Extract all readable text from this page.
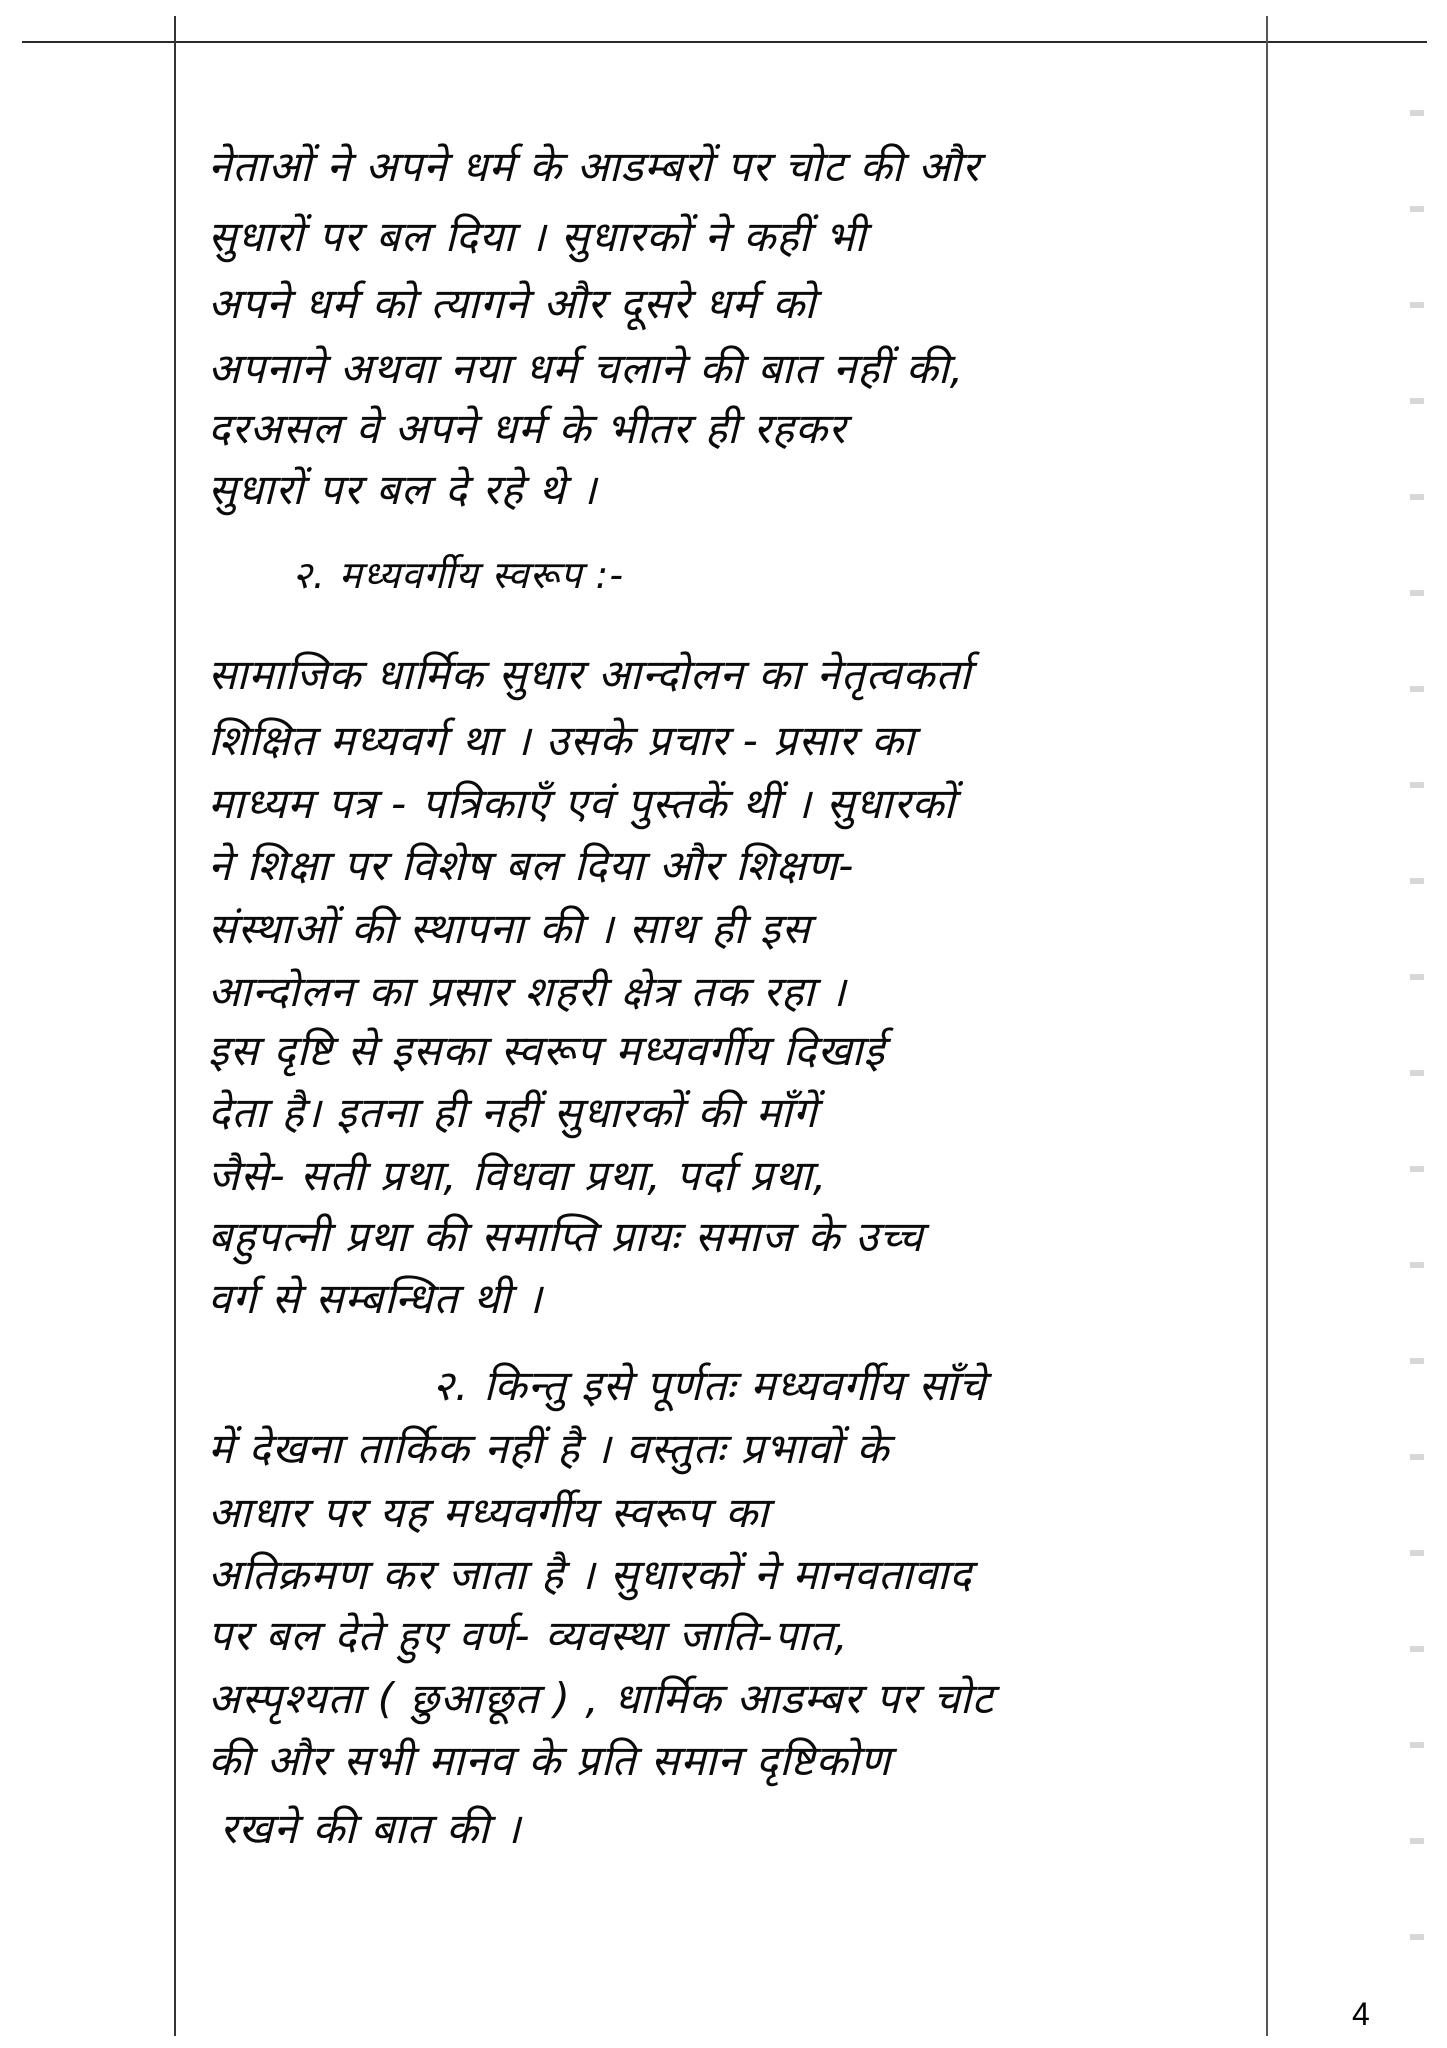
नेताओं ने अपने धर्म के आडम्बरों पर चोट की और
सुधारों पर बल दिया । सुधारकों ने कहीं भी
अपने धर्म को त्यागने और दूसरे धर्म को
अपनाने अथवा नया धर्म चलाने की बात नहीं की,
दरअसल वे अपने धर्म के भीतर ही रहकर
सुधारों पर बल दे रहे थे ।
२. मध्यवर्गीय स्वरूप :-
सामाजिक धार्मिक सुधार आन्दोलन का नेतृत्वकर्ता
शिक्षित मध्यवर्ग था । उसके प्रचार - प्रसार का
माध्यम पत्र - पत्रिकाएँ एवं पुस्तकें थीं । सुधारकों
ने शिक्षा पर विशेष बल दिया और शिक्षण-
संस्थाओं की स्थापना की । साथ ही इस
आन्दोलन का प्रसार शहरी क्षेत्र तक रहा ।
इस दृष्टि से इसका स्वरूप मध्यवर्गीय दिखाई
देता है। इतना ही नहीं सुधारकों की माँगें
जैसे- सती प्रथा, विधवा प्रथा, पर्दा प्रथा,
बहुपत्नी प्रथा की समाप्ति प्रायः समाज के उच्च
वर्ग से सम्बन्धित थी ।
२. किन्तु इसे पूर्णतः मध्यवर्गीय साँचे
में देखना तार्किक नहीं है । वस्तुतः प्रभावों के
आधार पर यह मध्यवर्गीय स्वरूप का
अतिक्रमण कर जाता है । सुधारकों ने मानवतावाद
पर बल देते हुए वर्ण- व्यवस्था जाति-पात,
अस्पृश्यता ( छुआछूत ) , धार्मिक आडम्बर पर चोट
की और सभी मानव के प्रति समान दृष्टिकोण
रखने की बात की ।
4
